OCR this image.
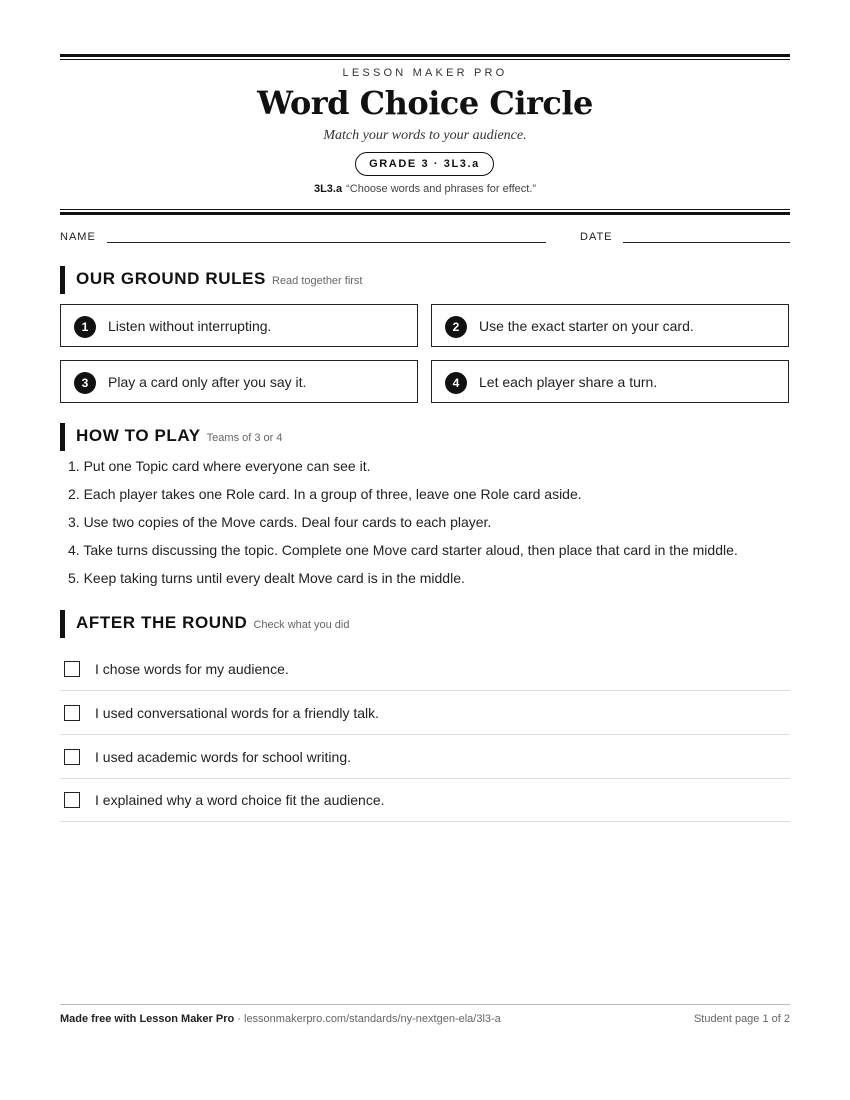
LESSON MAKER PRO
Word Choice Circle
Match your words to your audience.
GRADE 3 · 3L3.a
3L3.a “Choose words and phrases for effect.”
NAME	DATE
OUR GROUND RULES Read together first
1	Listen without interrupting.	2	Use the exact starter on your card.
3	Play a card only after you say it.	4	Let each player share a turn.
HOW TO PLAY Teams of 3 or 4
1. Put one Topic card where everyone can see it.
2. Each player takes one Role card. In a group of three, leave one Role card aside.
3. Use two copies of the Move cards. Deal four cards to each player.
4. Take turns discussing the topic. Complete one Move card starter aloud, then place that card in the middle.
5. Keep taking turns until every dealt Move card is in the middle.
AFTER THE ROUND Check what you did
I chose words for my audience.
I used conversational words for a friendly talk.
I used academic words for school writing.
I explained why a word choice fit the audience.
Made free with Lesson Maker Pro · lessonmakerpro.com/standards/ny-nextgen-ela/3l3-a	Student page 1 of 2
